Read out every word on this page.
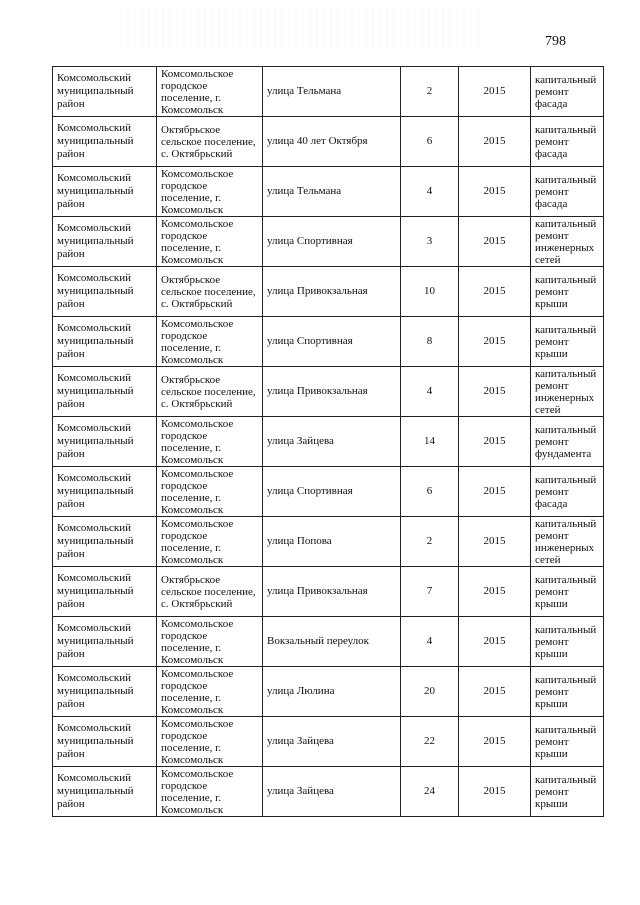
798
Комсомольский муниципальный район	Комсомольское городское поселение, г. Комсомольск	улица Тельмана	2	2015	капитальный ремонт фасада
Комсомольский муниципальный район	Октябрьское сельское поселение, с. Октябрьский	улица 40 лет Октября	6	2015	капитальный ремонт фасада
Комсомольский муниципальный район	Комсомольское городское поселение, г. Комсомольск	улица Тельмана	4	2015	капитальный ремонт фасада
Комсомольский муниципальный район	Комсомольское городское поселение, г. Комсомольск	улица Спортивная	3	2015	капитальный ремонт инженерных сетей
Комсомольский муниципальный район	Октябрьское сельское поселение, с. Октябрьский	улица Привокзальная	10	2015	капитальный ремонт крыши
Комсомольский муниципальный район	Комсомольское городское поселение, г. Комсомольск	улица Спортивная	8	2015	капитальный ремонт крыши
Комсомольский муниципальный район	Октябрьское сельское поселение, с. Октябрьский	улица Привокзальная	4	2015	капитальный ремонт инженерных сетей
Комсомольский муниципальный район	Комсомольское городское поселение, г. Комсомольск	улица Зайцева	14	2015	капитальный ремонт фундамента
Комсомольский муниципальный район	Комсомольское городское поселение, г. Комсомольск	улица Спортивная	6	2015	капитальный ремонт фасада
Комсомольский муниципальный район	Комсомольское городское поселение, г. Комсомольск	улица Попова	2	2015	капитальный ремонт инженерных сетей
Комсомольский муниципальный район	Октябрьское сельское поселение, с. Октябрьский	улица Привокзальная	7	2015	капитальный ремонт крыши
Комсомольский муниципальный район	Комсомольское городское поселение, г. Комсомольск	Вокзальный переулок	4	2015	капитальный ремонт крыши
Комсомольский муниципальный район	Комсомольское городское поселение, г. Комсомольск	улица Люлина	20	2015	капитальный ремонт крыши
Комсомольский муниципальный район	Комсомольское городское поселение, г. Комсомольск	улица Зайцева	22	2015	капитальный ремонт крыши
Комсомольский муниципальный район	Комсомольское городское поселение, г. Комсомольск	улица Зайцева	24	2015	капитальный ремонт крыши
